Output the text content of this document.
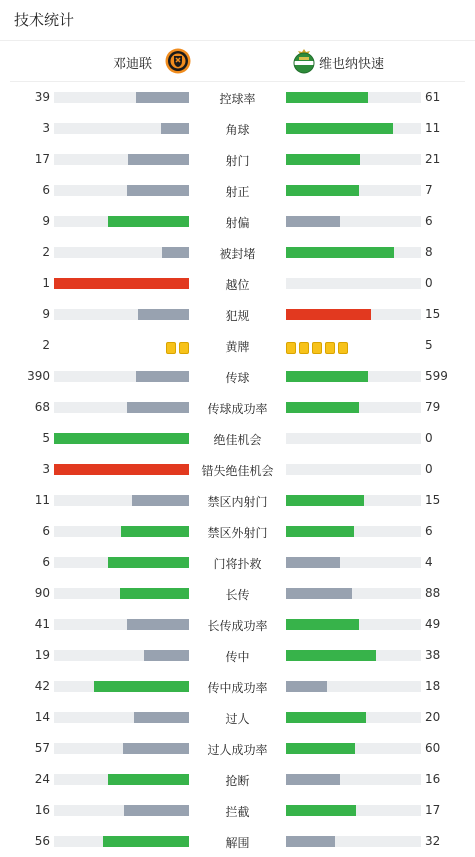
技术统计
邓迪联	维也纳快速
39	控球率	61
3	角球	11
17	射门	21
6	射正	7
9	射偏	6
2	被封堵	8
1	越位	0
9	犯规	15
2	黄牌	5
390	传球	599
68	传球成功率	79
5	绝佳机会	0
3	错失绝佳机会	0
11	禁区内射门	15
6	禁区外射门	6
6	门将扑救	4
90	长传	88
41	长传成功率	49
19	传中	38
42	传中成功率	18
14	过人	20
57	过人成功率	60
24	抢断	16
16	拦截	17
56	解围	32
